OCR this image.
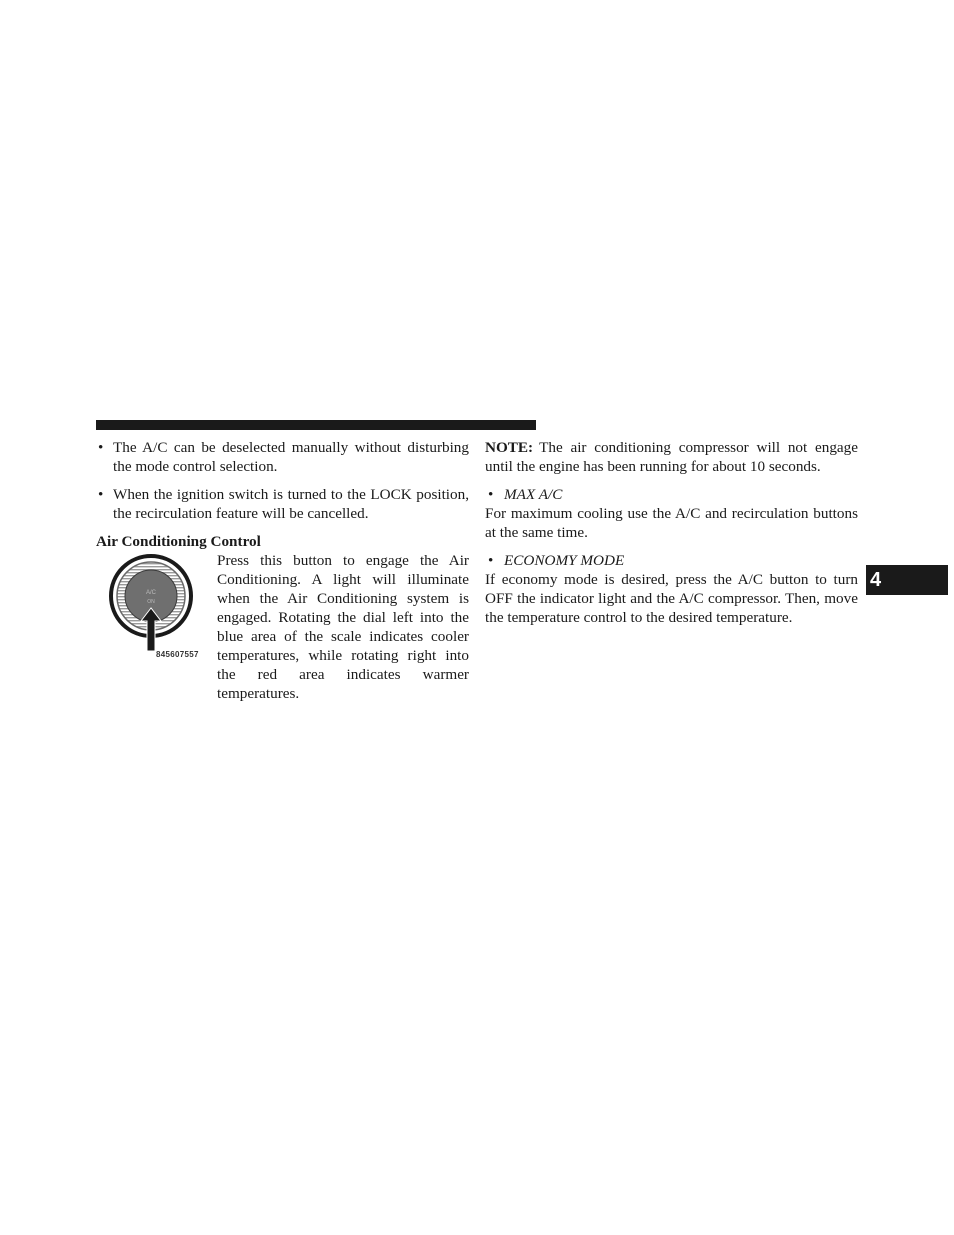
• The A/C can be deselected manually without disturbing the mode control selection.

• When the ignition switch is turned to the LOCK position, the recirculation feature will be cancelled.

Air Conditioning Control

A/C
ON
845607557

Press this button to engage the Air Conditioning. A light will illuminate when the Air Conditioning system is engaged. Rotating the dial left into the blue area of the scale indicates cooler temperatures, while rotating right into the red area indicates warmer temperatures.

NOTE: The air conditioning compressor will not engage until the engine has been running for about 10 seconds.

• MAX A/C

For maximum cooling use the A/C and recirculation buttons at the same time.

• ECONOMY MODE

If economy mode is desired, press the A/C button to turn OFF the indicator light and the A/C compressor. Then, move the temperature control to the desired temperature.

4
